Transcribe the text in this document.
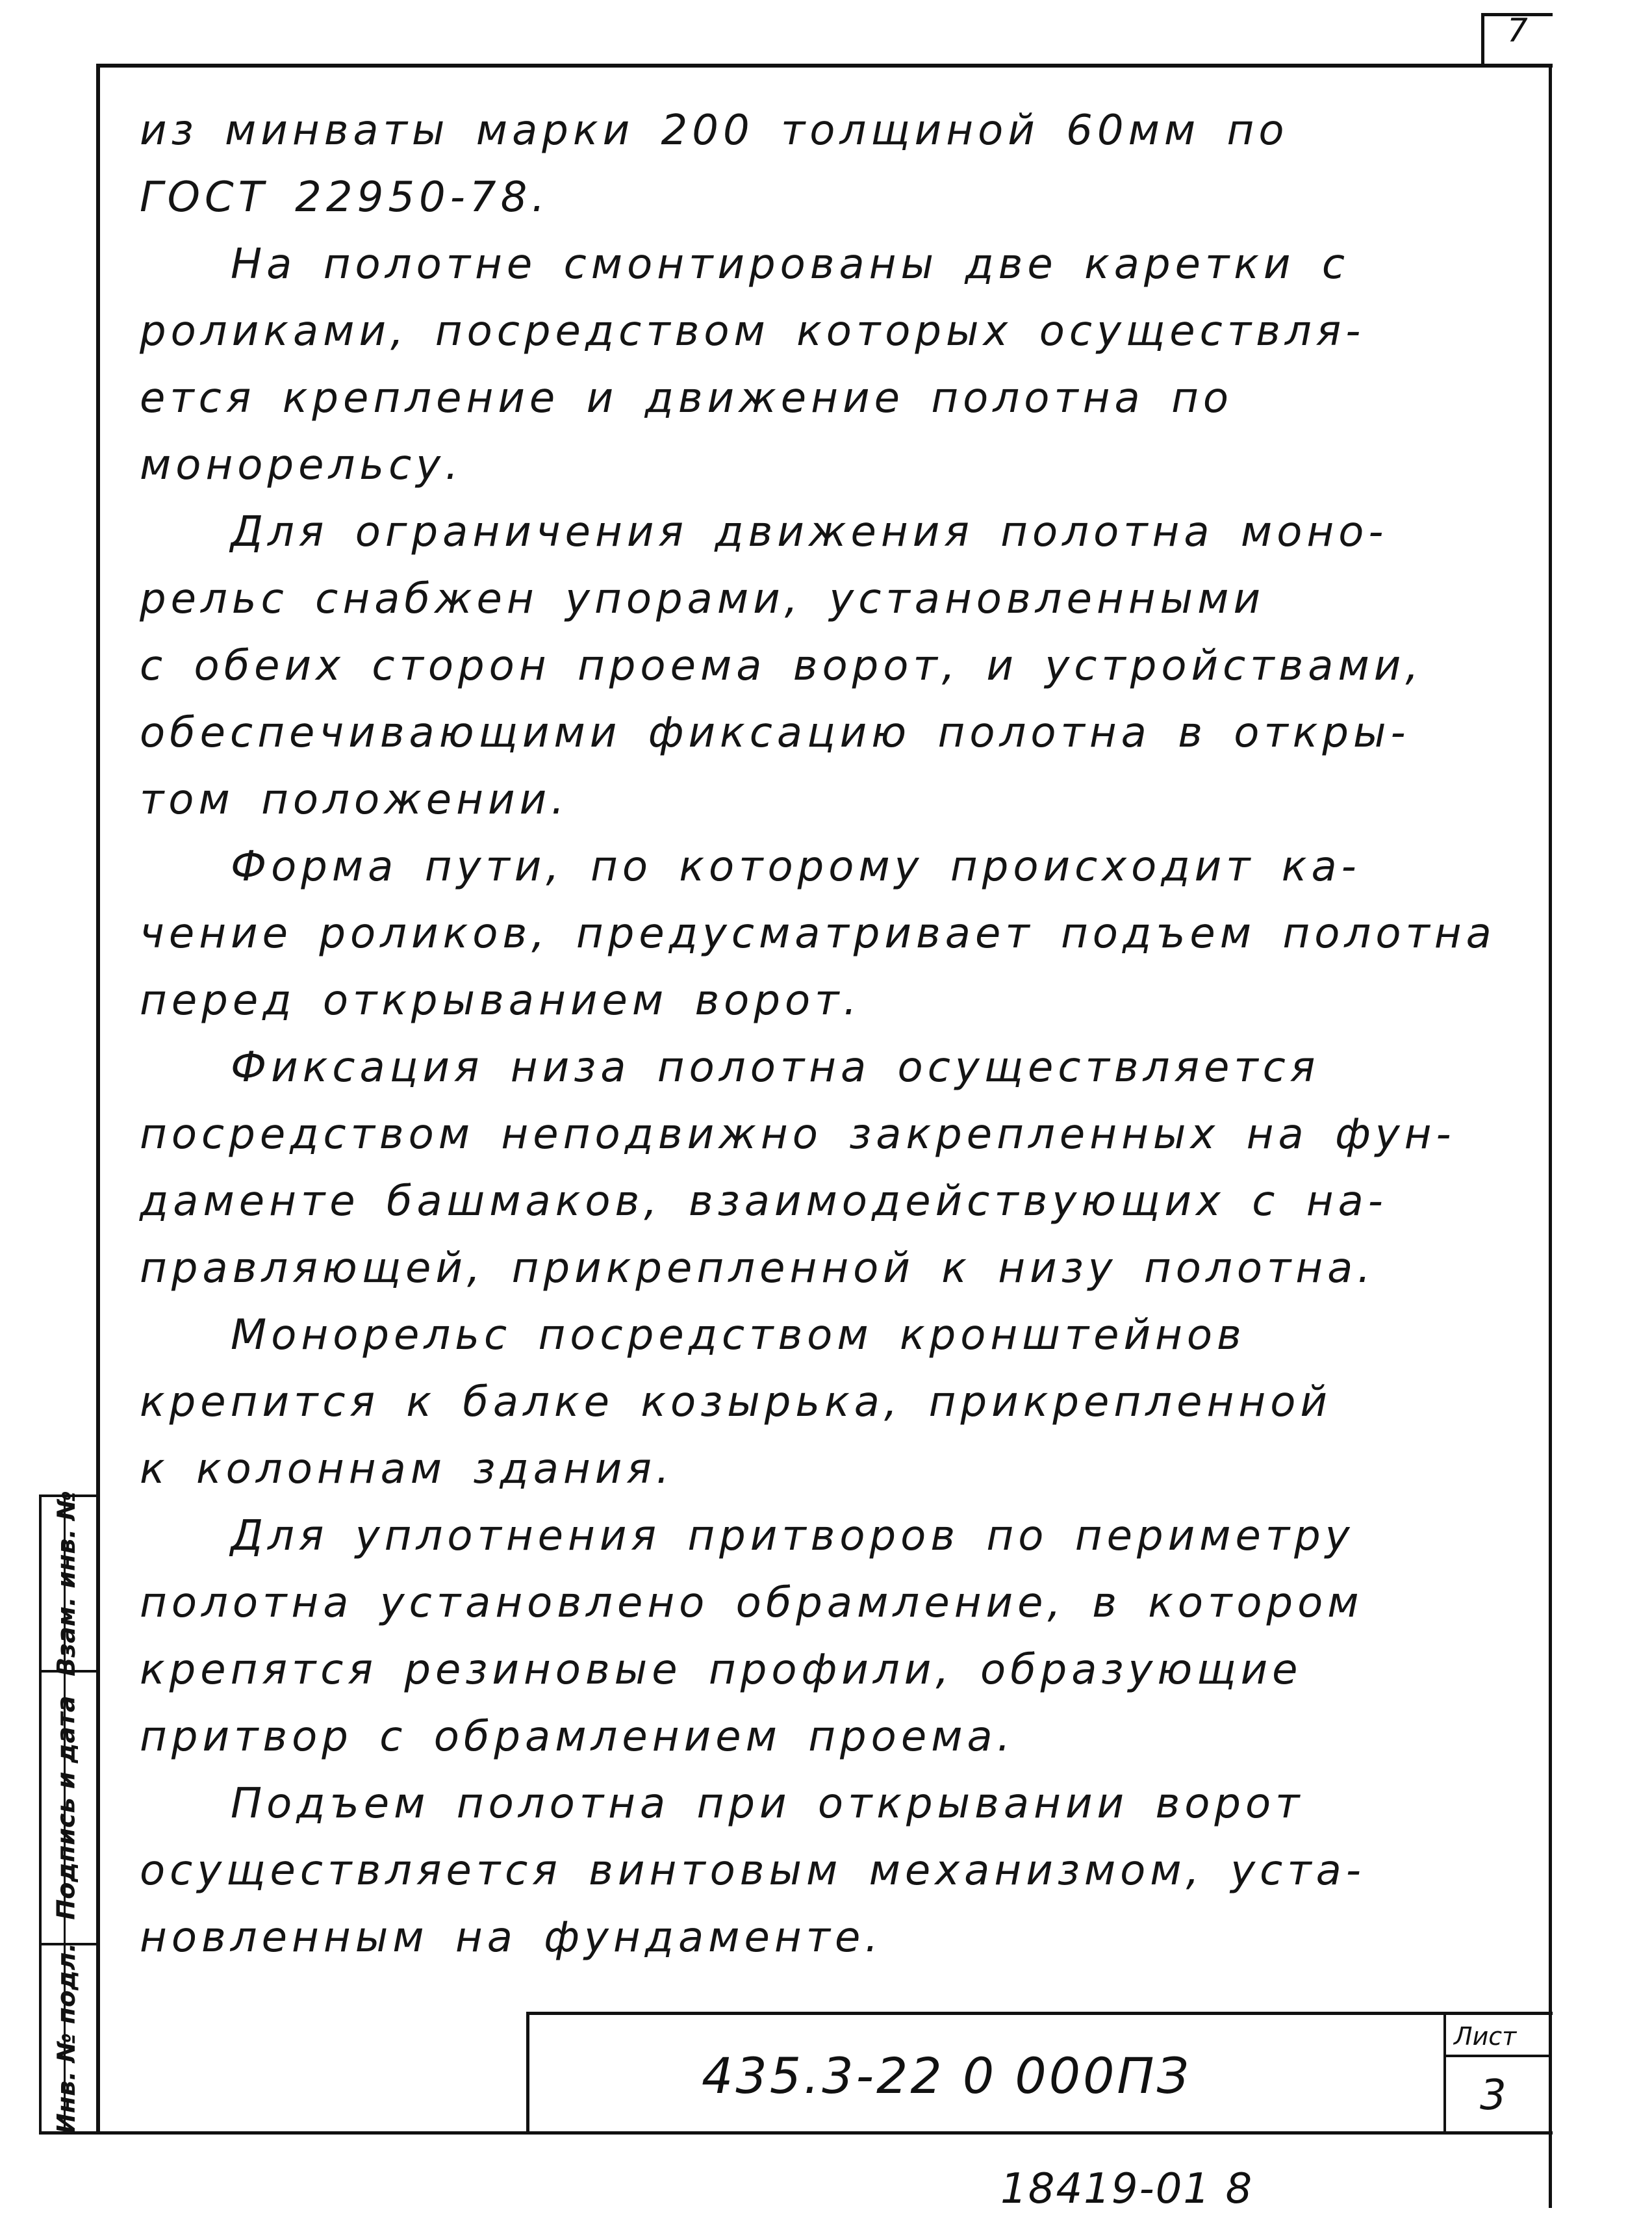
7
из минваты марки 200 толщиной 60мм по
ГОСТ 22950-78.
На полотне смонтированы две каретки с
роликами, посредством которых осуществля-
ется крепление и движение полотна по
монорельсу.
Для ограничения движения полотна моно-
рельс снабжен упорами, установленными
с обеих сторон проема ворот, и устройствами,
обеспечивающими фиксацию полотна в откры-
том положении.
Форма пути, по которому происходит ка-
чение роликов, предусматривает подъем полотна
перед открыванием ворот.
Фиксация низа полотна осуществляется
посредством неподвижно закрепленных на фун-
даменте башмаков, взаимодействующих с на-
правляющей, прикрепленной к низу полотна.
Монорельс посредством кронштейнов
крепится к балке козырька, прикрепленной
к колоннам здания.
Для уплотнения притворов по периметру
полотна установлено обрамление, в котором
крепятся резиновые профили, образующие
притвор с обрамлением проема.
Подъем полотна при открывании ворот
осуществляется винтовым механизмом, уста-
новленным на фундаменте.
Инв. № подл.
Подпись и дата
Взам. инв. №
435.3-22 0 000ПЗ
Лист
3
18419-01 8
